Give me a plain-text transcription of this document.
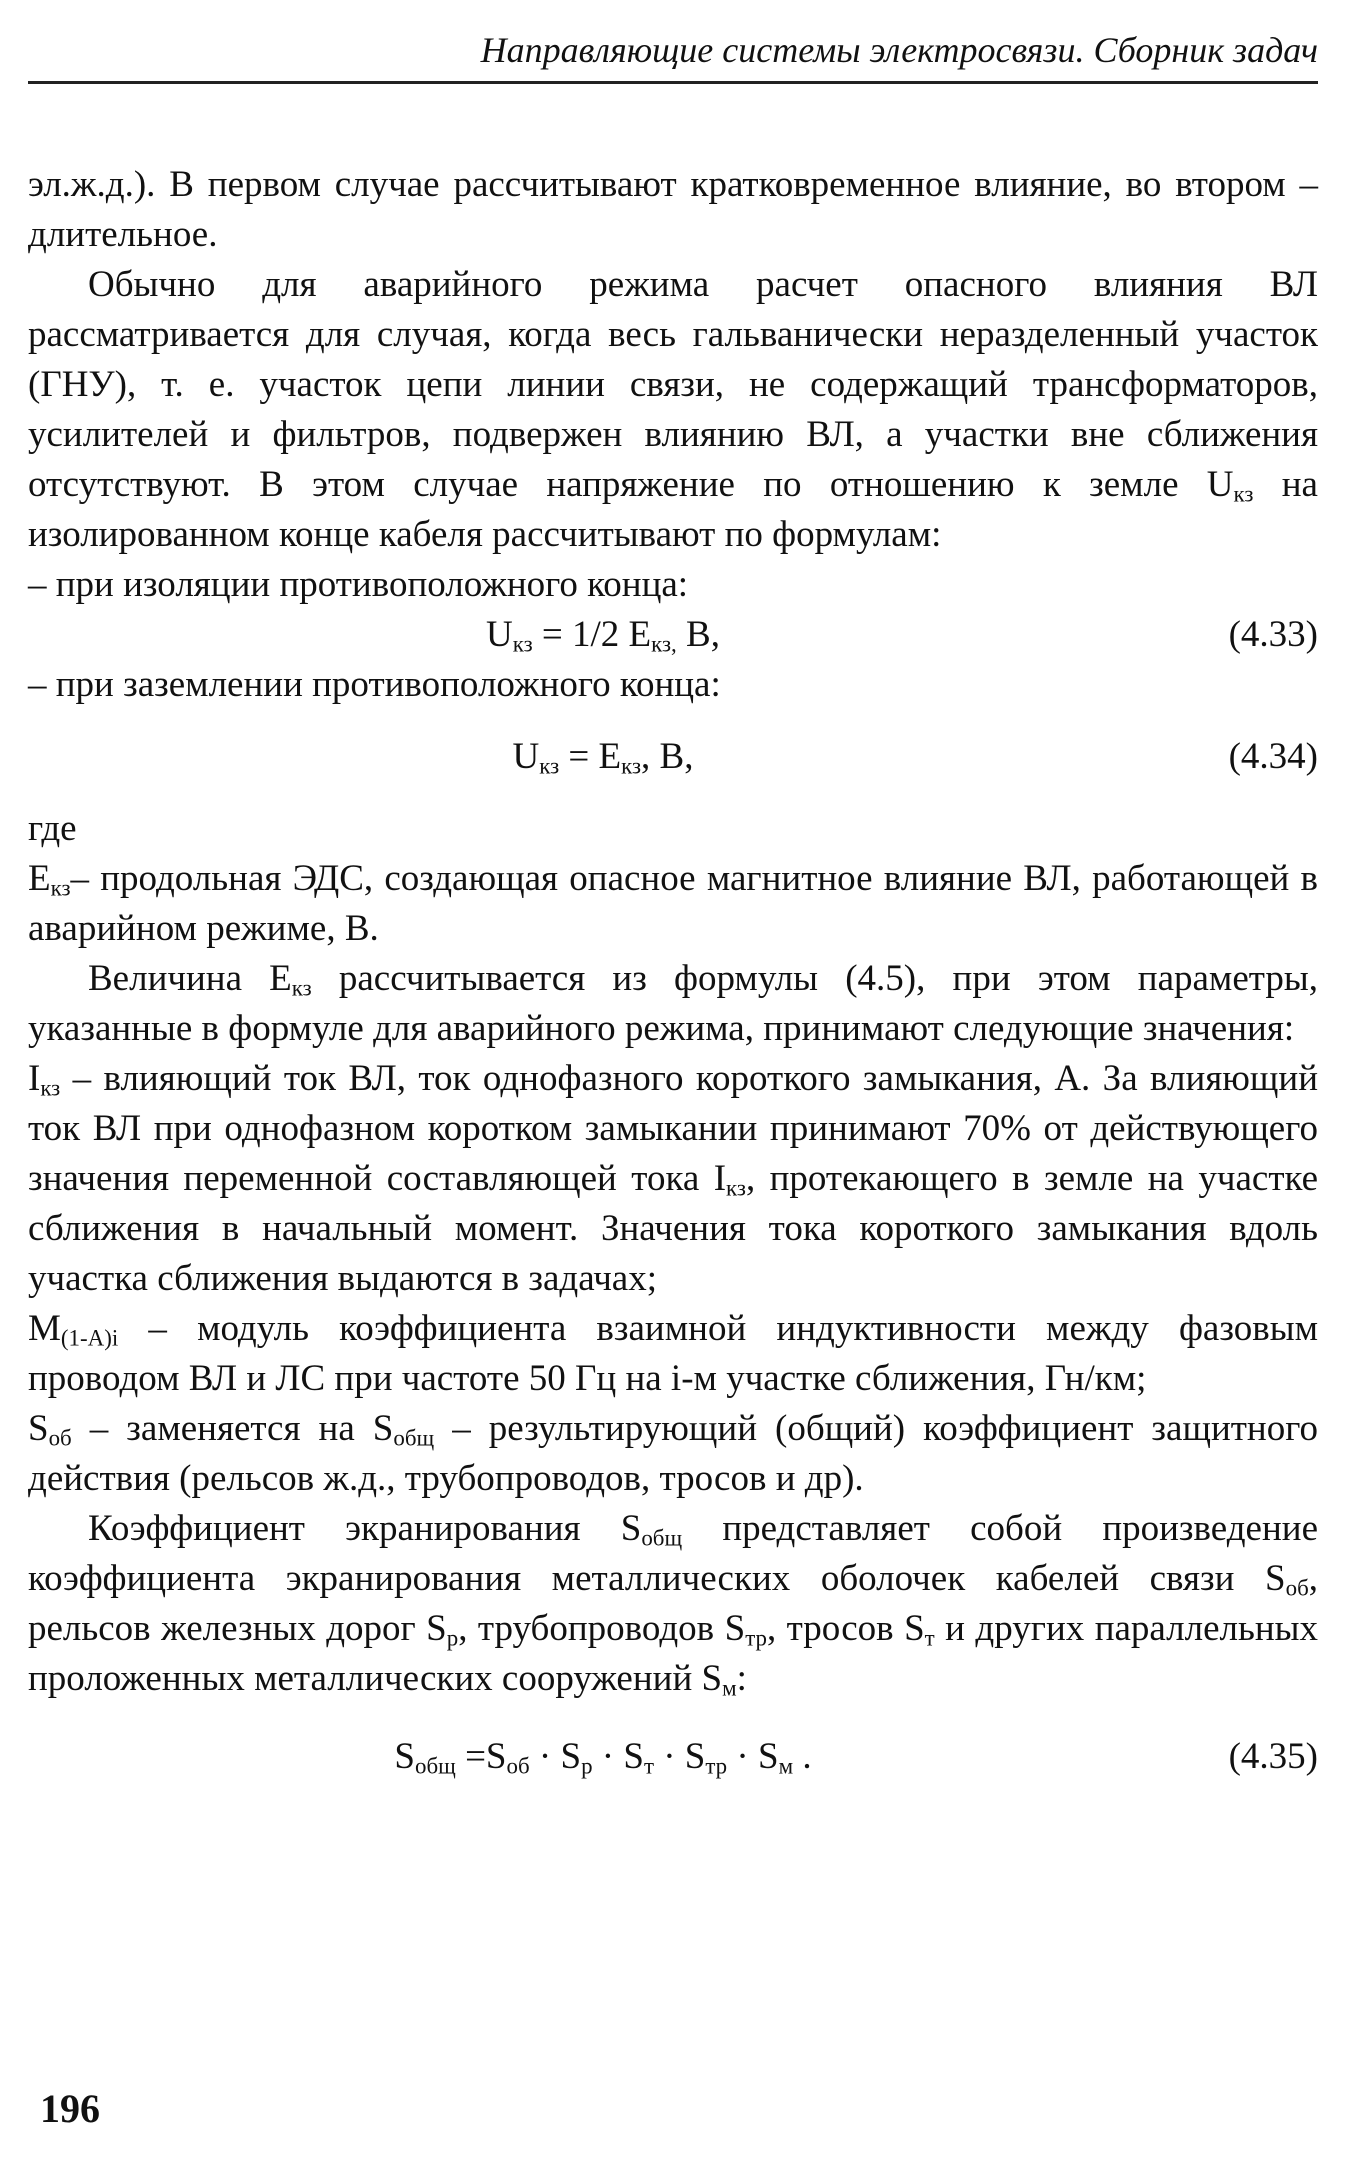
Направляющие системы электросвязи. Сборник задач

эл.ж.д.). В первом случае рассчитывают кратковременное влияние, во втором – длительное.

Обычно для аварийного режима расчет опасного влияния ВЛ рассматривается для случая, когда весь гальванически неразделенный участок (ГНУ), т. е. участок цепи линии связи, не содержащий трансформаторов, усилителей и фильтров, подвержен влиянию ВЛ, а участки вне сближения отсутствуют. В этом случае напряжение по отношению к земле $U_{кз}$ на изолированном конце кабеля рассчитывают по формулам:

– при изоляции противоположного конца:

$U_{кз} = 1/2$ $E_{кз,}$ B,	(4.33)

– при заземлении противоположного конца:

$U_{кз} = E_{кз}$, B,	(4.34)

где

$E_{кз}-$ продольная ЭДС, создающая опасное магнитное влияние ВЛ, работающей в аварийном режиме, B.

Величина $E_{кз}$ рассчитывается из формулы (4.5), при этом параметры, указанные в формуле для аварийного режима, принимают следующие значения:

$I_{кз}$ – влияющий ток ВЛ, ток однофазного короткого замыкания, А. За влияющий ток ВЛ при однофазном коротком замыкании принимают 70% от действующего значения переменной составляющей тока $I_{кз}$, протекающего в земле на участке сближения в начальный момент. Значения тока короткого замыкания вдоль участка сближения выдаются в задачах;

$M_{(1-A)i}$ – модуль коэффициента взаимной индуктивности между фазовым проводом ВЛ и ЛС при частоте 50 Гц на i-м участке сближения, Гн/км;

$S_{об}$ – заменяется на $S_{общ}$ – результирующий (общий) коэффициент защитного действия (рельсов ж.д., трубопроводов, тросов и др).

Коэффициент экранирования $S_{общ}$ представляет собой произведение коэффициента экранирования металлических оболочек кабелей связи $S_{об}$, рельсов железных дорог $S_р$, трубопроводов $S_{тр}$, тросов $S_т$ и других параллельных проложенных металлических сооружений $S_м$:

$S_{общ} =S_{об} \cdot S_р \cdot S_т \cdot S_{тр} \cdot S_м$ .	(4.35)
196
